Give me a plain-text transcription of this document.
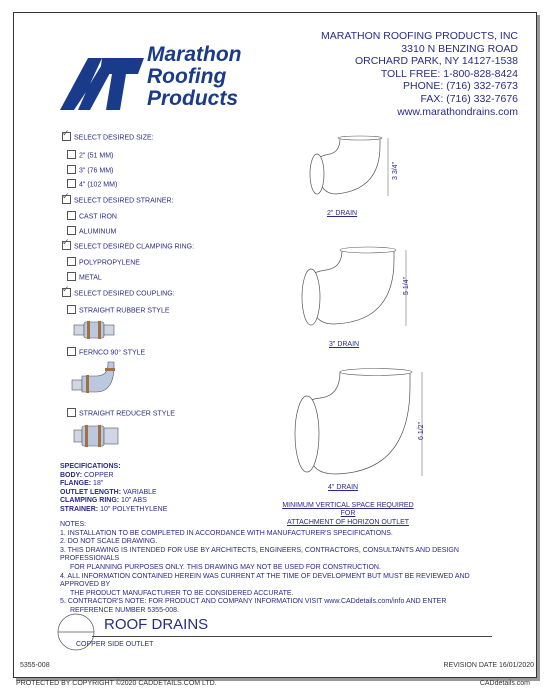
Marathon
Roofing
Products
MARATHON ROOFING PRODUCTS, INC
3310 N BENZING ROAD
ORCHARD PARK, NY 14127-1538
TOLL FREE: 1-800-828-8424
PHONE: (716) 332-7673
FAX: (716) 332-7676
www.marathondrains.com
✓SELECT DESIRED SIZE:
2" (51 MM)
3" (76 MM)
4" (102 MM)
✓SELECT DESIRED STRAINER:
CAST IRON
ALUMINUM
✓SELECT DESIRED CLAMPING RING:
POLYPROPYLENE
METAL
✓SELECT DESIRED COUPLING:
STRAIGHT RUBBER STYLE
FERNCO 90° STYLE
STRAIGHT REDUCER STYLE
2" DRAIN
3 3/4"
3" DRAIN
5 1/4"
4" DRAIN
6 1/2"
MINIMUM VERTICAL SPACE REQUIRED FOR
ATTACHMENT OF HORIZON OUTLET
SPECIFICATIONS:
BODY: COPPER
FLANGE: 18"
OUTLET LENGTH: VARIABLE
CLAMPING RING: 10" ABS
STRAINER: 10" POLYETHYLENE
NOTES:
1. INSTALLATION TO BE COMPLETED IN ACCORDANCE WITH MANUFACTURER'S SPECIFICATIONS.
2. DO NOT SCALE DRAWING.
3. THIS DRAWING IS INTENDED FOR USE BY ARCHITECTS, ENGINEERS, CONTRACTORS, CONSULTANTS AND DESIGN PROFESSIONALS
FOR PLANNING PURPOSES ONLY. THIS DRAWING MAY NOT BE USED FOR CONSTRUCTION.
4. ALL INFORMATION CONTAINED HEREIN WAS CURRENT AT THE TIME OF DEVELOPMENT BUT MUST BE REVIEWED AND APPROVED BY
THE PRODUCT MANUFACTURER TO BE CONSIDERED ACCURATE.
5. CONTRACTOR'S NOTE: FOR PRODUCT AND COMPANY INFORMATION VISIT www.CADdetails.com/info AND ENTER
REFERENCE NUMBER 5355-008.
ROOF DRAINS
COPPER SIDE OUTLET
5355-008	REVISION DATE 16/01/2020
PROTECTED BY COPYRIGHT ©2020 CADDETAILS.COM LTD.	CADdetails.com
